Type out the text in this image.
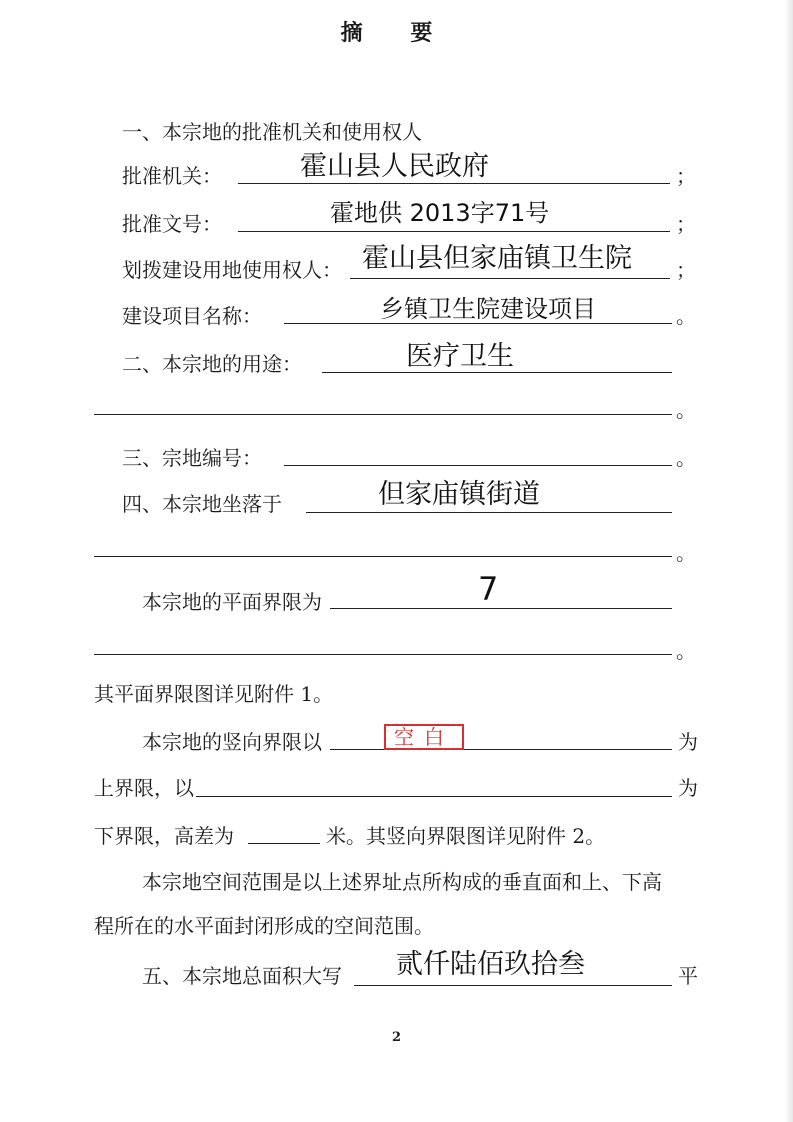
摘 要
一、本宗地的批准机关和使用权人
批准机关：	霍山县人民政府	；
批准文号：	霍地供 2013字71号	；
划拨建设用地使用权人： 霍山县但家庙镇卫生院 ；
建设项目名称：	乡镇卫生院建设项目	。
二、本宗地的用途：	医疗卫生
。
三、宗地编号：	。
四、本宗地坐落于	但家庙镇街道
。
本宗地的平面界限为	7
。
其平面界限图详见附件 1。
本宗地的竖向界限以	空白	为
上界限，以	为
下界限，高差为	米。其竖向界限图详见附件 2。
本宗地空间范围是以上述界址点所构成的垂直面和上、下高
程所在的水平面封闭形成的空间范围。
五、本宗地总面积大写 贰仟陆佰玖拾叁	平
2
